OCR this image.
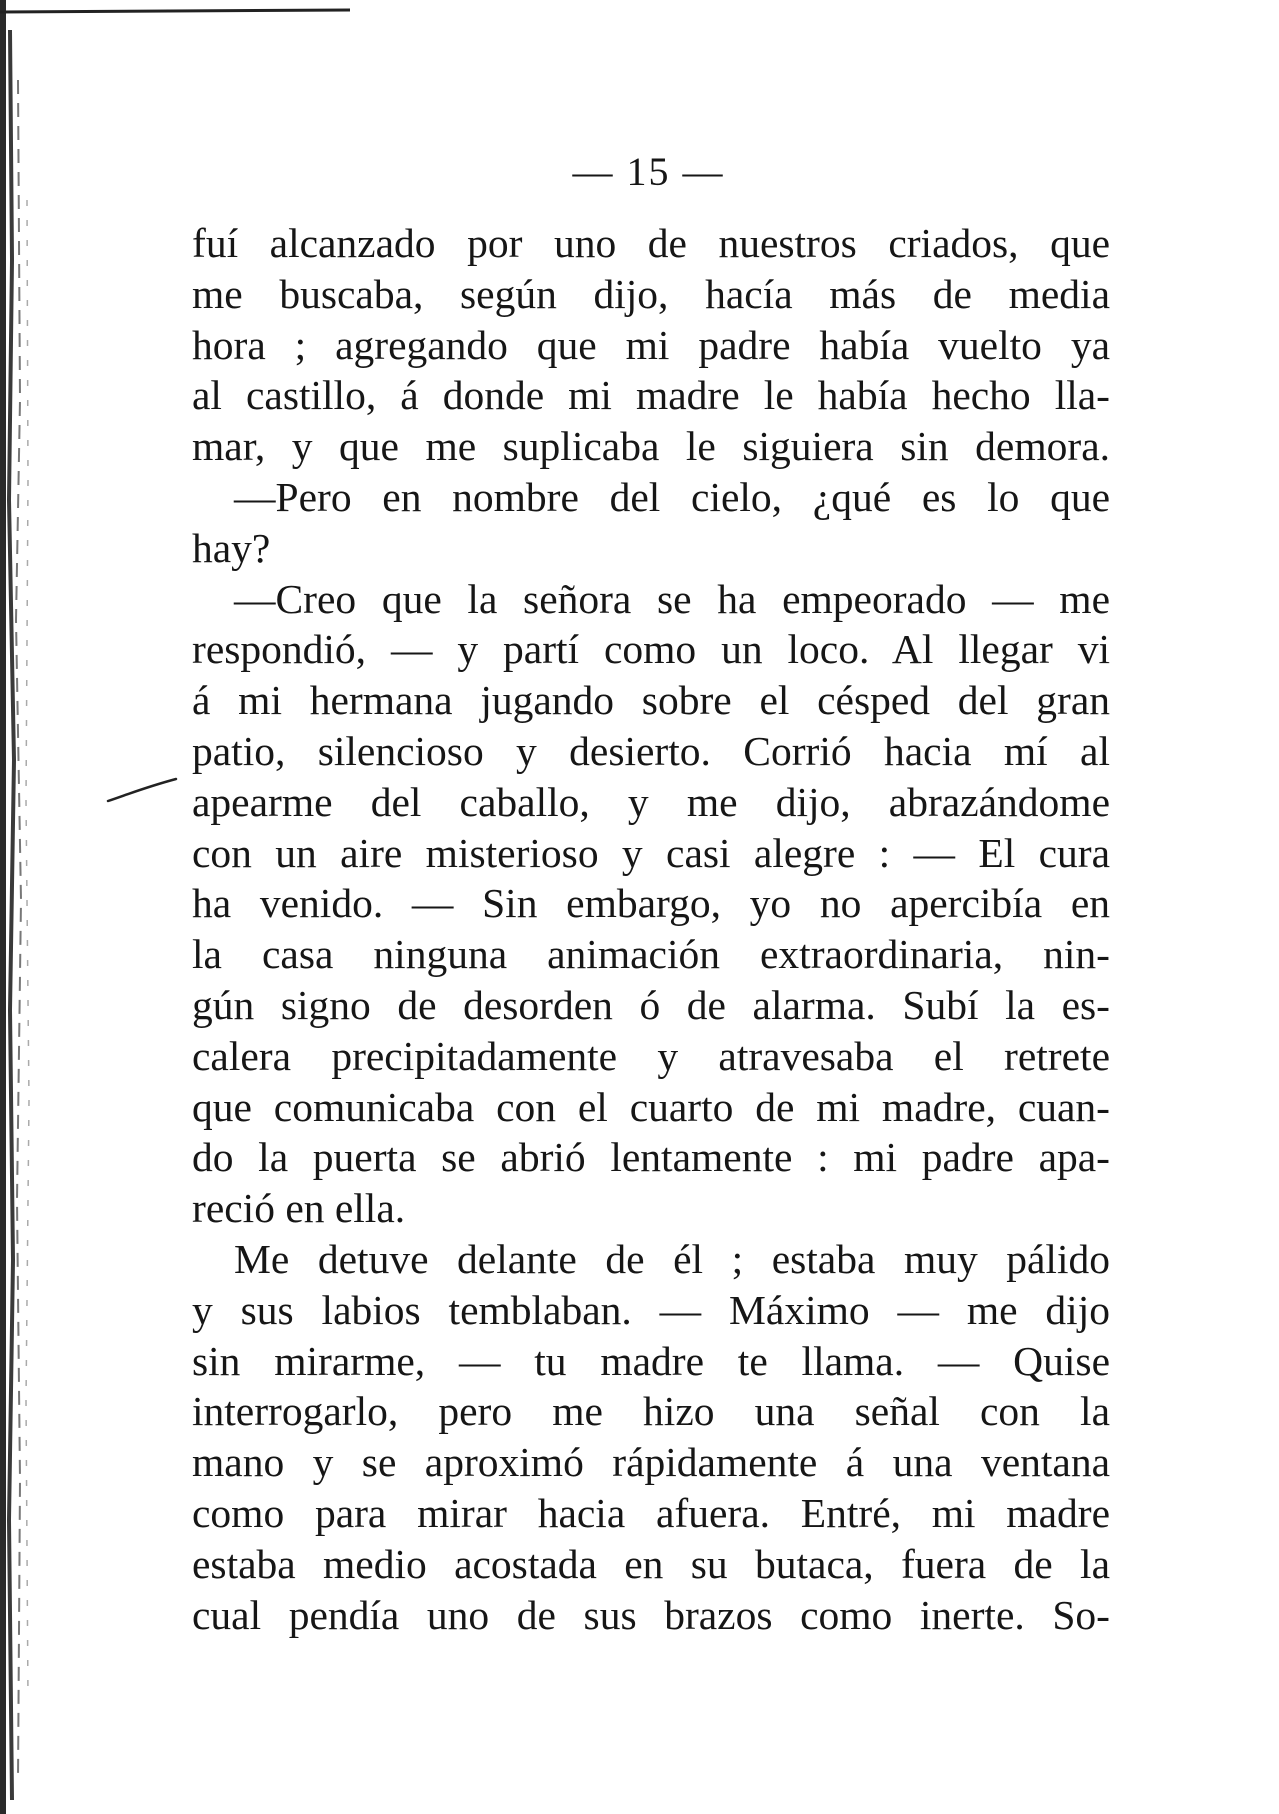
— 15 —

fuí alcanzado por uno de nuestros criados, que
me buscaba, según dijo, hacía más de media
hora ; agregando que mi padre había vuelto ya
al castillo, á donde mi madre le había hecho lla-
mar, y que me suplicaba le siguiera sin demora.
—Pero en nombre del cielo, ¿qué es lo que
hay?
—Creo que la señora se ha empeorado — me
respondió, — y partí como un loco. Al llegar vi
á mi hermana jugando sobre el césped del gran
patio, silencioso y desierto. Corrió hacia mí al
apearme del caballo, y me dijo, abrazándome
con un aire misterioso y casi alegre : — El cura
ha venido. — Sin embargo, yo no apercibía en
la casa ninguna animación extraordinaria, nin-
gún signo de desorden ó de alarma. Subí la es-
calera precipitadamente y atravesaba el retrete
que comunicaba con el cuarto de mi madre, cuan-
do la puerta se abrió lentamente : mi padre apa-
reció en ella.
Me detuve delante de él ; estaba muy pálido
y sus labios temblaban. — Máximo — me dijo
sin mirarme, — tu madre te llama. — Quise
interrogarlo, pero me hizo una señal con la
mano y se aproximó rápidamente á una ventana
como para mirar hacia afuera. Entré, mi madre
estaba medio acostada en su butaca, fuera de la
cual pendía uno de sus brazos como inerte. So-
